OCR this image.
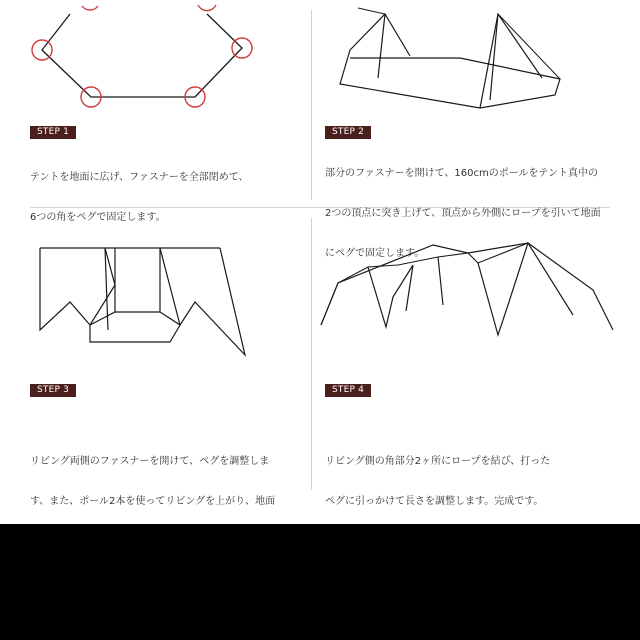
STEP 1

テントを地面に広げ、ファスナーを全部閉めて、

6つの角をペグで固定します。

STEP 2

部分のファスナーを開けて、160cmのポールをテント真中の

2つの頂点に突き上げて、頂点から外側にロープを引いて地面

にペグで固定します。

STEP 3

リビング両側のファスナーを開けて、ペグを調整しま

す、また、ポール2本を使ってリビングを上がり、地面

STEP 4

リビング側の角部分2ヶ所にロープを結び、打った

ペグに引っかけて長さを調整します。完成です。
